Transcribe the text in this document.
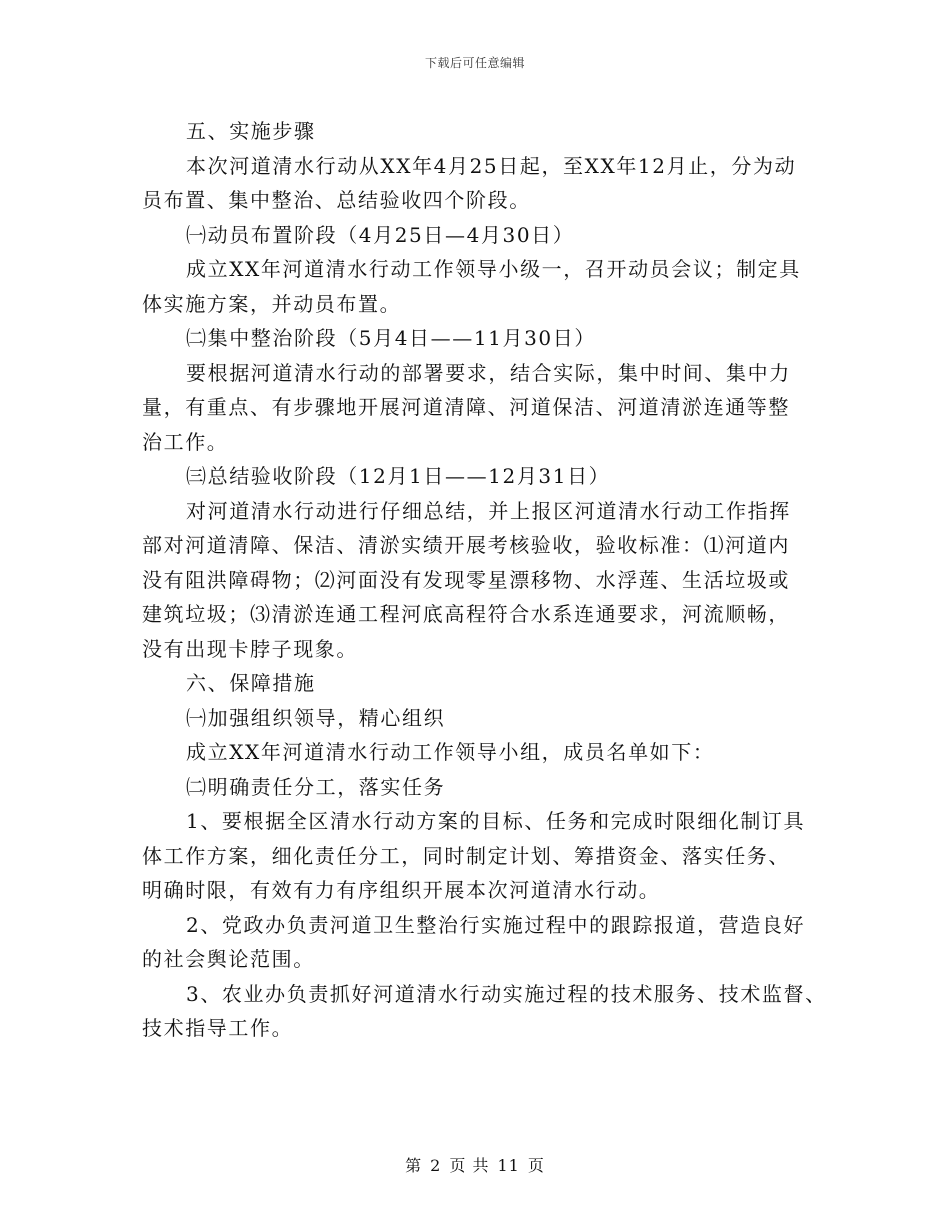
下载后可任意编辑
五、实施步骤
本次河道清水行动从XX年4月25日起，至XX年12月止，分为动
员布置、集中整治、总结验收四个阶段。
㈠动员布置阶段（4月25日—4月30日）
成立XX年河道清水行动工作领导小级一，召开动员会议；制定具
体实施方案，并动员布置。
㈡集中整治阶段（5月4日——11月30日）
要根据河道清水行动的部署要求，结合实际，集中时间、集中力
量，有重点、有步骤地开展河道清障、河道保洁、河道清淤连通等整
治工作。
㈢总结验收阶段（12月1日——12月31日）
对河道清水行动进行仔细总结，并上报区河道清水行动工作指挥
部对河道清障、保洁、清淤实绩开展考核验收，验收标准：⑴河道内
没有阻洪障碍物；⑵河面没有发现零星漂移物、水浮莲、生活垃圾或
建筑垃圾；⑶清淤连通工程河底高程符合水系连通要求，河流顺畅，
没有出现卡脖子现象。
六、保障措施
㈠加强组织领导，精心组织
成立XX年河道清水行动工作领导小组，成员名单如下：
㈡明确责任分工，落实任务
1、要根据全区清水行动方案的目标、任务和完成时限细化制订具
体工作方案，细化责任分工，同时制定计划、筹措资金、落实任务、
明确时限，有效有力有序组织开展本次河道清水行动。
2、党政办负责河道卫生整治行实施过程中的跟踪报道，营造良好
的社会舆论范围。
3、农业办负责抓好河道清水行动实施过程的技术服务、技术监督、
技术指导工作。
第 2 页 共 11 页
